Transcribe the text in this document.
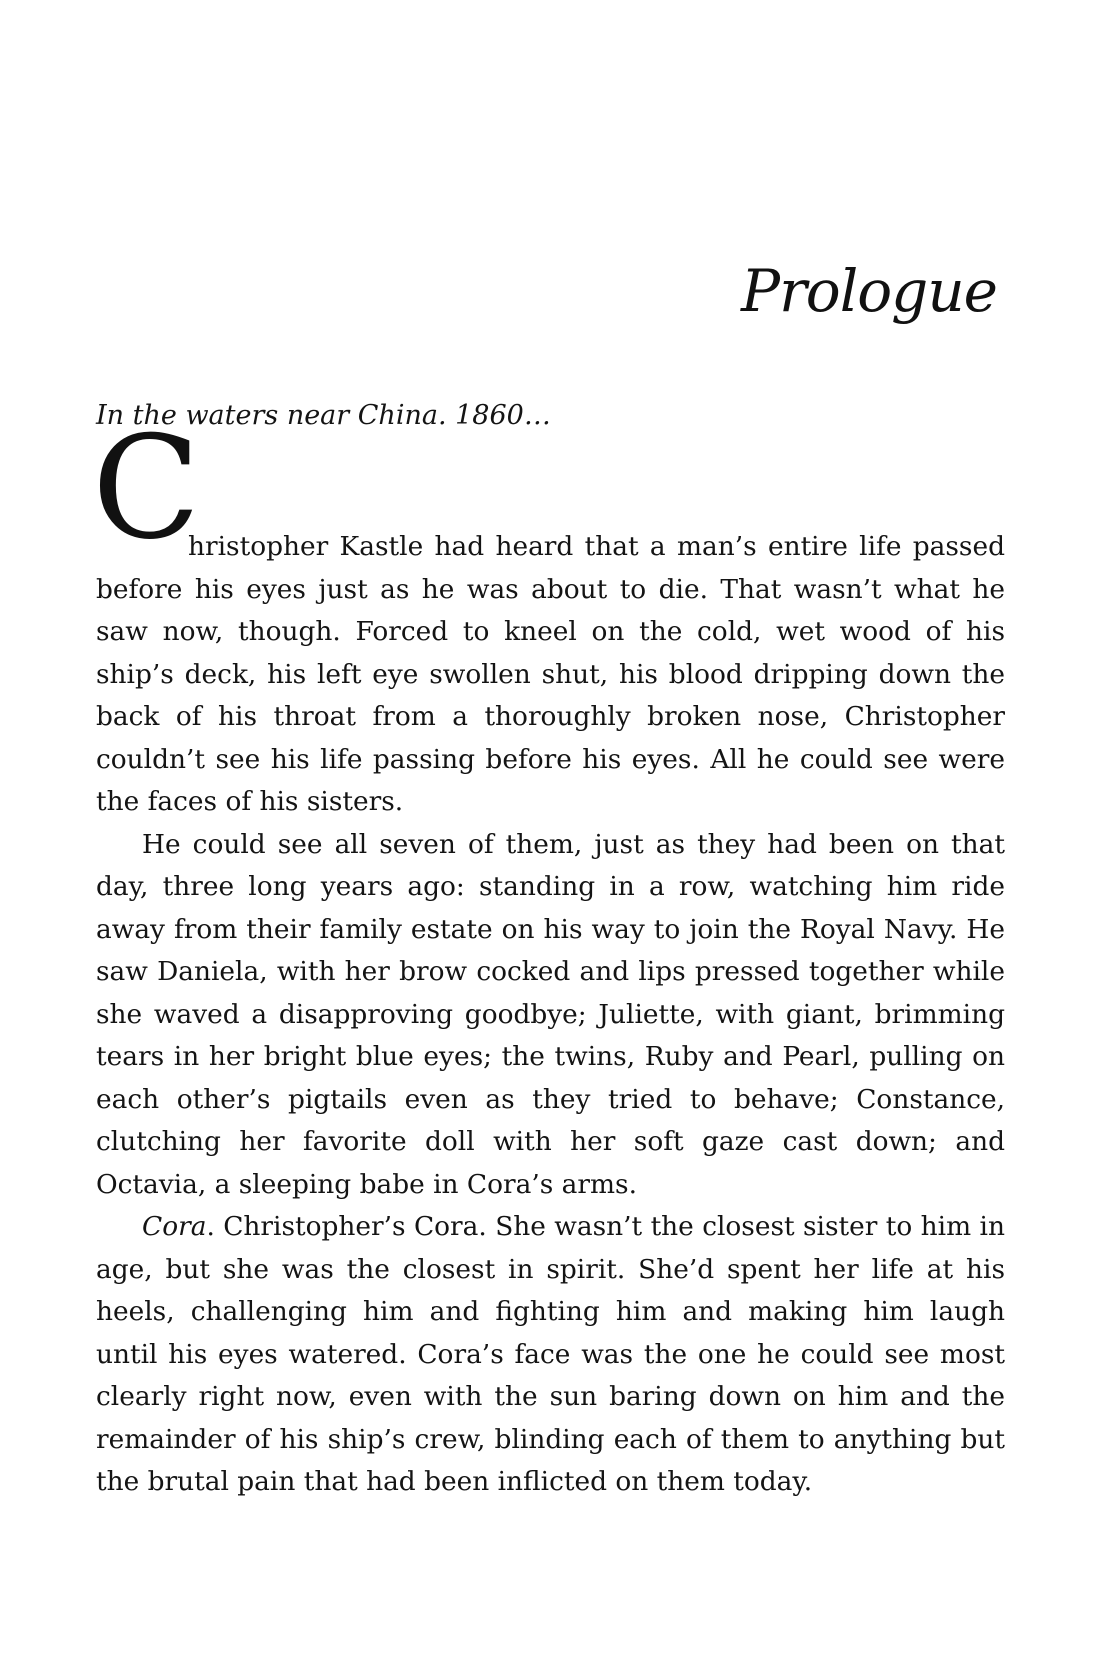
Prologue

In the waters near China. 1860…

C
hristopher Kastle had heard that a man’s entire life passed before his eyes just as he was about to die. That wasn’t what he saw now, though. Forced to kneel on the cold, wet wood of his ship’s deck, his left eye swollen shut, his blood dripping down the back of his throat from a thoroughly broken nose, Christopher couldn’t see his life passing before his eyes. All he could see were the faces of his sisters.

He could see all seven of them, just as they had been on that day, three long years ago: standing in a row, watching him ride away from their family estate on his way to join the Royal Navy. He saw Daniela, with her brow cocked and lips pressed together while she waved a disapproving goodbye; Juliette, with giant, brimming tears in her bright blue eyes; the twins, Ruby and Pearl, pulling on each other’s pigtails even as they tried to behave; Constance, clutching her favorite doll with her soft gaze cast down; and Octavia, a sleeping babe in Cora’s arms.

Cora. Christopher’s Cora. She wasn’t the closest sister to him in age, but she was the closest in spirit. She’d spent her life at his heels, challenging him and fighting him and making him laugh until his eyes watered. Cora’s face was the one he could see most clearly right now, even with the sun baring down on him and the remainder of his ship’s crew, blinding each of them to anything but the brutal pain that had been inflicted on them today.
